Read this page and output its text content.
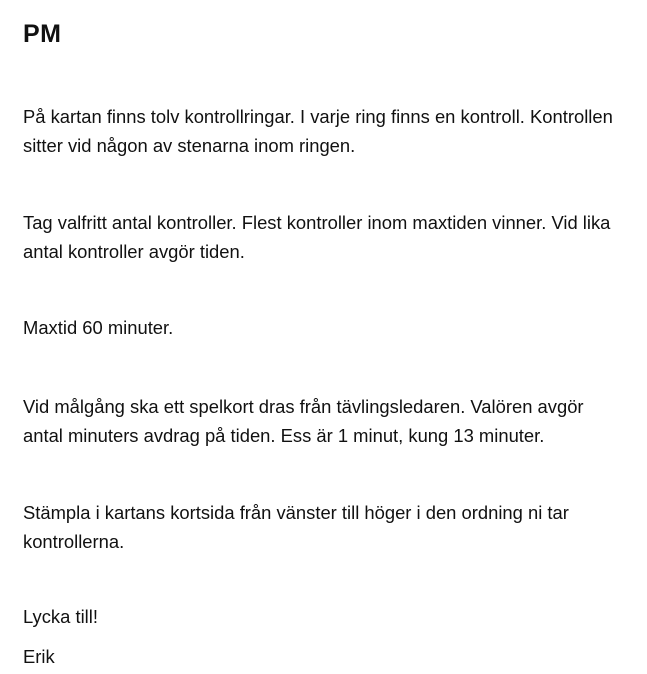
PM

På kartan finns tolv kontrollringar. I varje ring finns en kontroll. Kontrollen sitter vid någon av stenarna inom ringen.

Tag valfritt antal kontroller. Flest kontroller inom maxtiden vinner. Vid lika antal kontroller avgör tiden.

Maxtid 60 minuter.

Vid målgång ska ett spelkort dras från tävlingsledaren. Valören avgör antal minuters avdrag på tiden. Ess är 1 minut, kung 13 minuter.

Stämpla i kartans kortsida från vänster till höger i den ordning ni tar kontrollerna.

Lycka till!

Erik
